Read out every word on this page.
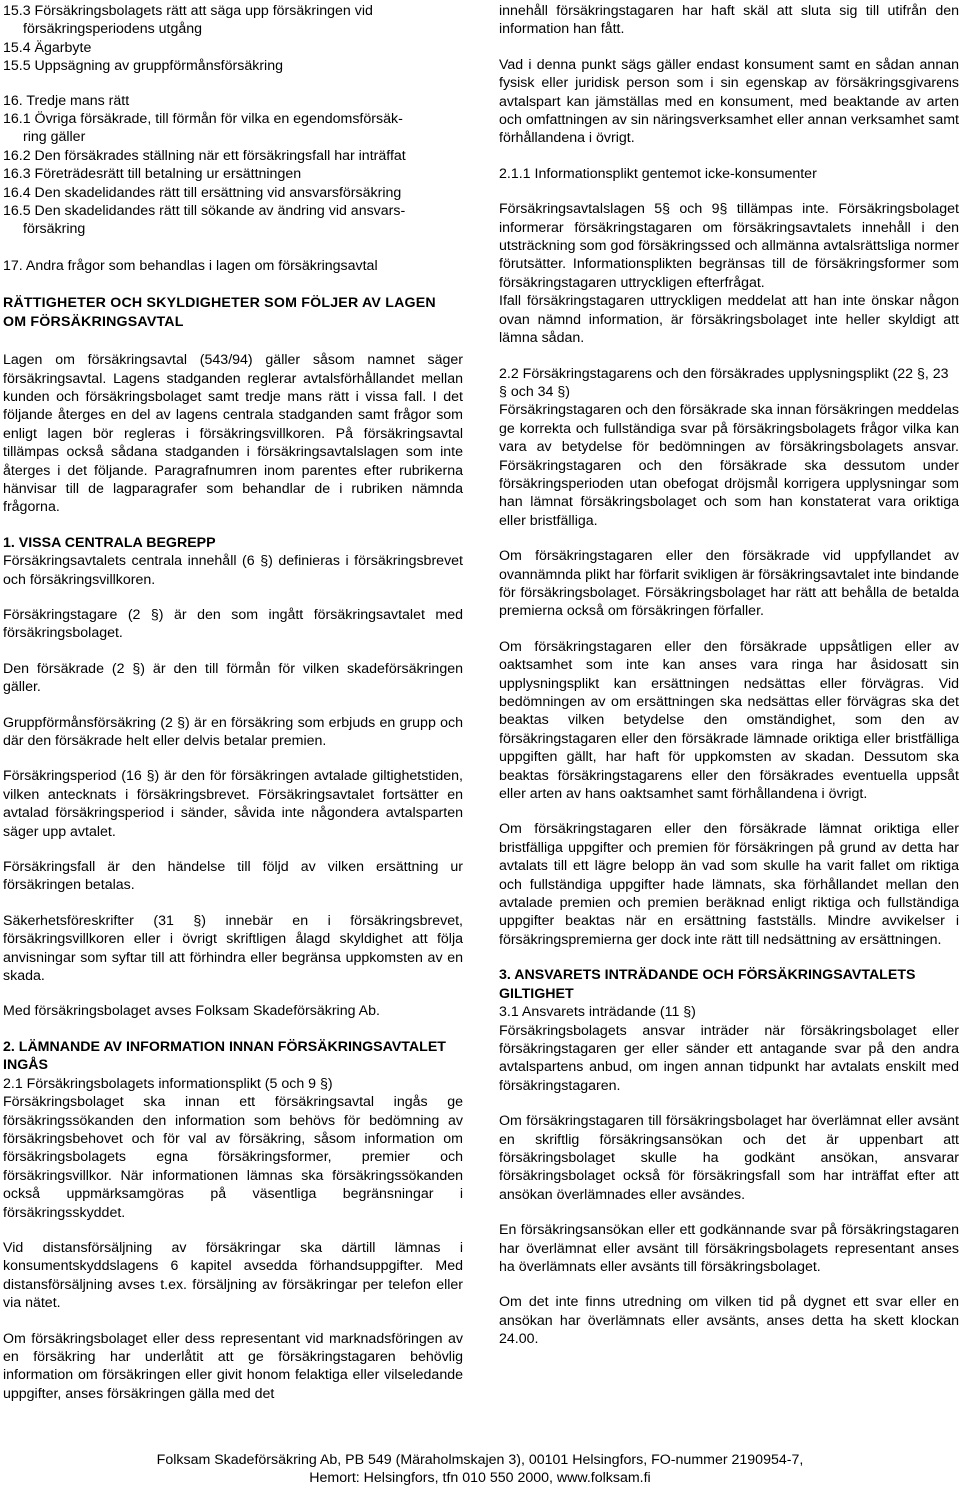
15.3 Försäkringsbolagets rätt att säga upp försäkringen vid
försäkringsperiodens utgång
15.4 Ägarbyte
15.5 Uppsägning av gruppförmånsförsäkring
16. Tredje mans rätt
16.1 Övriga försäkrade, till förmån för vilka en egendomsförsäk-
ring gäller
16.2 Den försäkrades ställning när ett försäkringsfall har inträffat
16.3 Företrädesrätt till betalning ur ersättningen
16.4 Den skadelidandes rätt till ersättning vid ansvarsförsäkring
16.5 Den skadelidandes rätt till sökande av ändring vid ansvars-
försäkring
17. Andra frågor som behandlas i lagen om försäkringsavtal
RÄTTIGHETER OCH SKYLDIGHETER SOM FÖLJER AV LAGEN OM FÖRSÄKRINGSAVTAL

Lagen om försäkringsavtal (543/94) gäller såsom namnet säger försäkringsavtal. Lagens stadganden reglerar avtalsförhållandet mellan kunden och försäkringsbolaget samt tredje mans rätt i vissa fall. I det följande återges en del av lagens centrala stadganden samt frågor som enligt lagen bör regleras i försäkringsvillkoren. På försäkringsavtal tillämpas också sådana stadganden i försäkringsavtalslagen som inte återges i det följande. Paragrafnumren inom parentes efter rubrikerna hänvisar till de lagparagrafer som behandlar de i rubriken nämnda frågorna.

1. VISSA CENTRALA BEGREPP

Försäkringsavtalets centrala innehåll (6 §) definieras i försäkringsbrevet och försäkringsvillkoren.

Försäkringstagare (2 §) är den som ingått försäkringsavtalet med försäkringsbolaget.

Den försäkrade (2 §) är den till förmån för vilken skadeförsäkringen gäller.

Gruppförmånsförsäkring (2 §) är en försäkring som erbjuds en grupp och där den försäkrade helt eller delvis betalar premien.

Försäkringsperiod (16 §) är den för försäkringen avtalade giltighetstiden, vilken antecknats i försäkringsbrevet. Försäkringsavtalet fortsätter en avtalad försäkringsperiod i sänder, såvida inte någondera avtalsparten säger upp avtalet.

Försäkringsfall är den händelse till följd av vilken ersättning ur försäkringen betalas.

Säkerhetsföreskrifter (31 §) innebär en i försäkringsbrevet, försäkringsvillkoren eller i övrigt skriftligen ålagd skyldighet att följa anvisningar som syftar till att förhindra eller begränsa uppkomsten av en skada.

Med försäkringsbolaget avses Folksam Skadeförsäkring Ab.

2. LÄMNANDE AV INFORMATION INNAN FÖRSÄKRINGSAVTALET INGÅS
2.1 Försäkringsbolagets informationsplikt (5 och 9 §)

Försäkringsbolaget ska innan ett försäkringsavtal ingås ge försäkringssökanden den information som behövs för bedömning av försäkringsbehovet och för val av försäkring, såsom information om försäkringsbolagets egna försäkringsformer, premier och försäkringsvillkor. När informationen lämnas ska försäkringssökanden också uppmärksamgöras på väsentliga begränsningar i försäkringsskyddet.

Vid distansförsäljning av försäkringar ska därtill lämnas i konsumentskyddslagens 6 kapitel avsedda förhandsuppgifter. Med distansförsäljning avses t.ex. försäljning av försäkringar per telefon eller via nätet.

Om försäkringsbolaget eller dess representant vid marknadsföringen av en försäkring har underlåtit att ge försäkringstagaren behövlig information om försäkringen eller givit honom felaktiga eller vilseledande uppgifter, anses försäkringen gälla med det

innehåll försäkringstagaren har haft skäl att sluta sig till utifrån den information han fått.

Vad i denna punkt sägs gäller endast konsument samt en sådan annan fysisk eller juridisk person som i sin egenskap av försäkringsgivarens avtalspart kan jämställas med en konsument, med beaktande av arten och omfattningen av sin näringsverksamhet eller annan verksamhet samt förhållandena i övrigt.

2.1.1 Informationsplikt gentemot icke-konsumenter

Försäkringsavtalslagen 5§ och 9§ tillämpas inte. Försäkringsbolaget informerar försäkringstagaren om försäkringsavtalets innehåll i den utsträckning som god försäkringssed och allmänna avtalsrättsliga normer förutsätter. Informationsplikten begränsas till de försäkringsformer som försäkringstagaren uttryckligen efterfrågat.

Ifall försäkringstagaren uttryckligen meddelat att han inte önskar någon ovan nämnd information, är försäkringsbolaget inte heller skyldigt att lämna sådan.

2.2 Försäkringstagarens och den försäkrades upplysningsplikt (22 §, 23 § och 34 §)

Försäkringstagaren och den försäkrade ska innan försäkringen meddelas ge korrekta och fullständiga svar på försäkringsbolagets frågor vilka kan vara av betydelse för bedömningen av försäkringsbolagets ansvar. Försäkringstagaren och den försäkrade ska dessutom under försäkringsperioden utan obefogat dröjsmål korrigera upplysningar som han lämnat försäkringsbolaget och som han konstaterat vara oriktiga eller bristfälliga.

Om försäkringstagaren eller den försäkrade vid uppfyllandet av ovannämnda plikt har förfarit svikligen är försäkringsavtalet inte bindande för försäkringsbolaget. Försäkringsbolaget har rätt att behålla de betalda premierna också om försäkringen förfaller.

Om försäkringstagaren eller den försäkrade uppsåtligen eller av oaktsamhet som inte kan anses vara ringa har åsidosatt sin upplysningsplikt kan ersättningen nedsättas eller förvägras. Vid bedömningen av om ersättningen ska nedsättas eller förvägras ska det beaktas vilken betydelse den omständighet, som den av försäkringstagaren eller den försäkrade lämnade oriktiga eller bristfälliga uppgiften gällt, har haft för uppkomsten av skadan. Dessutom ska beaktas försäkringstagarens eller den försäkrades eventuella uppsåt eller arten av hans oaktsamhet samt förhållandena i övrigt.

Om försäkringstagaren eller den försäkrade lämnat oriktiga eller bristfälliga uppgifter och premien för försäkringen på grund av detta har avtalats till ett lägre belopp än vad som skulle ha varit fallet om riktiga och fullständiga uppgifter hade lämnats, ska förhållandet mellan den avtalade premien och premien beräknad enligt riktiga och fullständiga uppgifter beaktas när en ersättning fastställs. Mindre avvikelser i försäkringspremierna ger dock inte rätt till nedsättning av ersättningen.

3. ANSVARETS INTRÄDANDE OCH FÖRSÄKRINGSAVTALETS GILTIGHET
3.1 Ansvarets inträdande (11 §)

Försäkringsbolagets ansvar inträder när försäkringsbolaget eller försäkringstagaren ger eller sänder ett antagande svar på den andra avtalspartens anbud, om ingen annan tidpunkt har avtalats enskilt med försäkringstagaren.

Om försäkringstagaren till försäkringsbolaget har överlämnat eller avsänt en skriftlig försäkringsansökan och det är uppenbart att försäkringsbolaget skulle ha godkänt ansökan, ansvarar försäkringsbolaget också för försäkringsfall som har inträffat efter att ansökan överlämnades eller avsändes.

En försäkringsansökan eller ett godkännande svar på försäkringstagaren har överlämnat eller avsänt till försäkringsbolagets representant anses ha överlämnats eller avsänts till försäkringsbolaget.

Om det inte finns utredning om vilken tid på dygnet ett svar eller en ansökan har överlämnats eller avsänts, anses detta ha skett klockan 24.00.

Folksam Skadeförsäkring Ab, PB 549 (Märaholmskajen 3), 00101 Helsingfors, FO-nummer 2190954-7,
Hemort: Helsingfors, tfn 010 550 2000, www.folksam.fi
